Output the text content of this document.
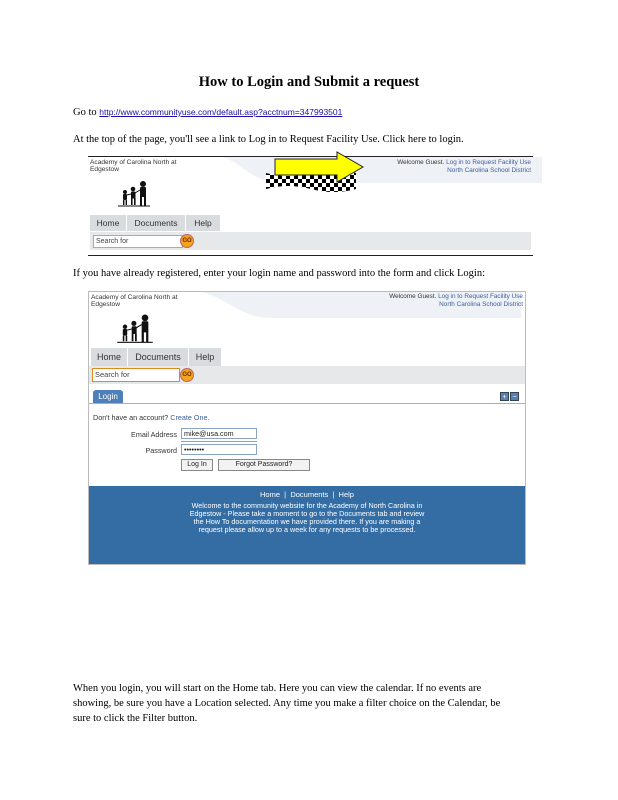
How to Login and Submit a request
Go to http://www.communityuse.com/default.asp?acctnum=347993501
At the top of the page, you'll see a link to Log in to Request Facility Use. Click here to login.
Academy of Carolina North at
Edgestow
Welcome Guest. Log in to Request Facility Use
North Carolina School District
Home	Documents	Help
Search for	GO
If you have already registered, enter your login name and password into the form and click Login:
Academy of Carolina North at
Edgestow
Welcome Guest. Log in to Request Facility Use
North Carolina School District
Home	Documents	Help
Search for	GO
Login	+ −
Don't have an account? Create One.
Email Address mike@usa.com
Password ••••••••
Log In	Forgot Password?
Home  |  Documents  |  Help
Welcome to the community website for the Academy of North Carolina in
Edgestow - Please take a moment to go to the Documents tab and review
the How To documentation we have provided there. If you are making a
request please allow up to a week for any requests to be processed.
When you login, you will start on the Home tab. Here you can view the calendar. If no events are
showing, be sure you have a Location selected. Any time you make a filter choice on the Calendar, be
sure to click the Filter button.
